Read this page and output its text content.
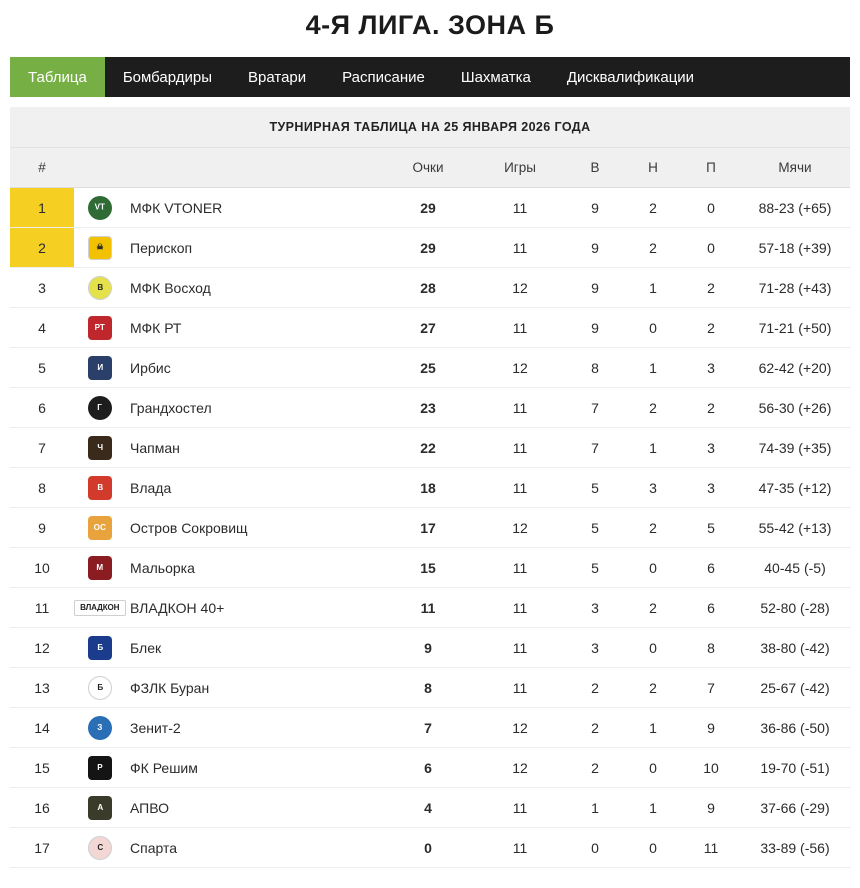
4-Я ЛИГА. ЗОНА Б
Таблица Бомбардиры Вратари Расписание Шахматка Дисквалификации
ТУРНИРНАЯ ТАБЛИЦА НА 25 ЯНВАРЯ 2026 ГОДА
#			Очки	Игры	В	Н	П	Мячи
1	VT	МФК VTONER	29	11	9	2	0	88-23 (+65)
2	☠	Перископ	29	11	9	2	0	57-18 (+39)
3	В	МФК Восход	28	12	9	1	2	71-28 (+43)
4	РТ	МФК РТ	27	11	9	0	2	71-21 (+50)
5	И	Ирбис	25	12	8	1	3	62-42 (+20)
6	Г	Грандхостел	23	11	7	2	2	56-30 (+26)
7	Ч	Чапман	22	11	7	1	3	74-39 (+35)
8	В	Влада	18	11	5	3	3	47-35 (+12)
9	ОС	Остров Сокровищ	17	12	5	2	5	55-42 (+13)
10	М	Мальорка	15	11	5	0	6	40-45 (-5)
11	ВЛАДКОН	ВЛАДКОН 40+	11	11	3	2	6	52-80 (-28)
12	Б	Блек	9	11	3	0	8	38-80 (-42)
13	Б	ФЗЛК Буран	8	11	2	2	7	25-67 (-42)
14	З	Зенит-2	7	12	2	1	9	36-86 (-50)
15	Р	ФК Решим	6	12	2	0	10	19-70 (-51)
16	А	АПВО	4	11	1	1	9	37-66 (-29)
17	С	Спарта	0	11	0	0	11	33-89 (-56)
